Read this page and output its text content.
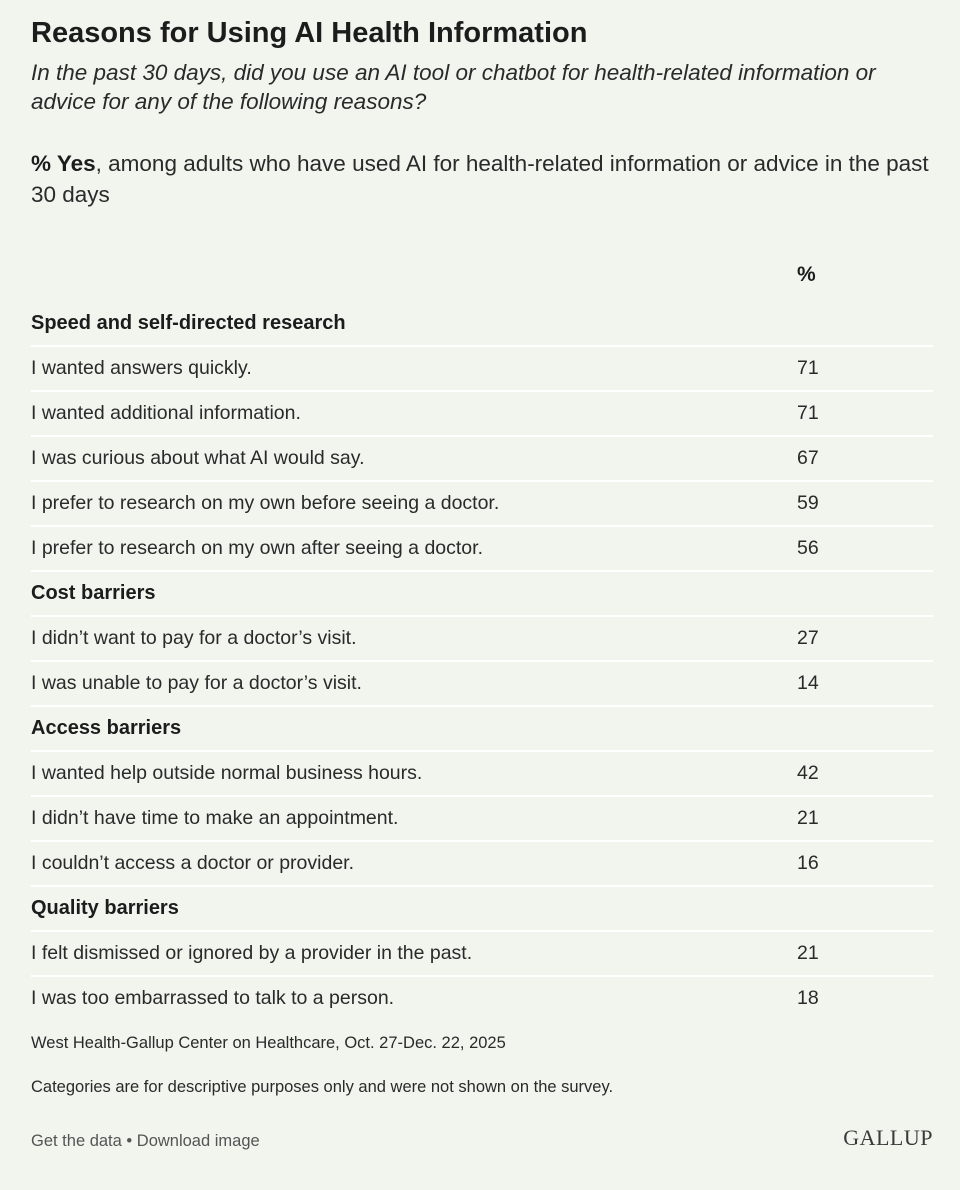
Reasons for Using AI Health Information
In the past 30 days, did you use an AI tool or chatbot for health-related information or advice for any of the following reasons?
% Yes, among adults who have used AI for health-related information or advice in the past 30 days
%
Speed and self-directed research
I wanted answers quickly.	71
I wanted additional information.	71
I was curious about what AI would say.	67
I prefer to research on my own before seeing a doctor.	59
I prefer to research on my own after seeing a doctor.	56
Cost barriers
I didn’t want to pay for a doctor’s visit.	27
I was unable to pay for a doctor’s visit.	14
Access barriers
I wanted help outside normal business hours.	42
I didn’t have time to make an appointment.	21
I couldn’t access a doctor or provider.	16
Quality barriers
I felt dismissed or ignored by a provider in the past.	21
I was too embarrassed to talk to a person.	18
West Health-Gallup Center on Healthcare, Oct. 27-Dec. 22, 2025
Categories are for descriptive purposes only and were not shown on the survey.
Get the data • Download image	GALLUP
